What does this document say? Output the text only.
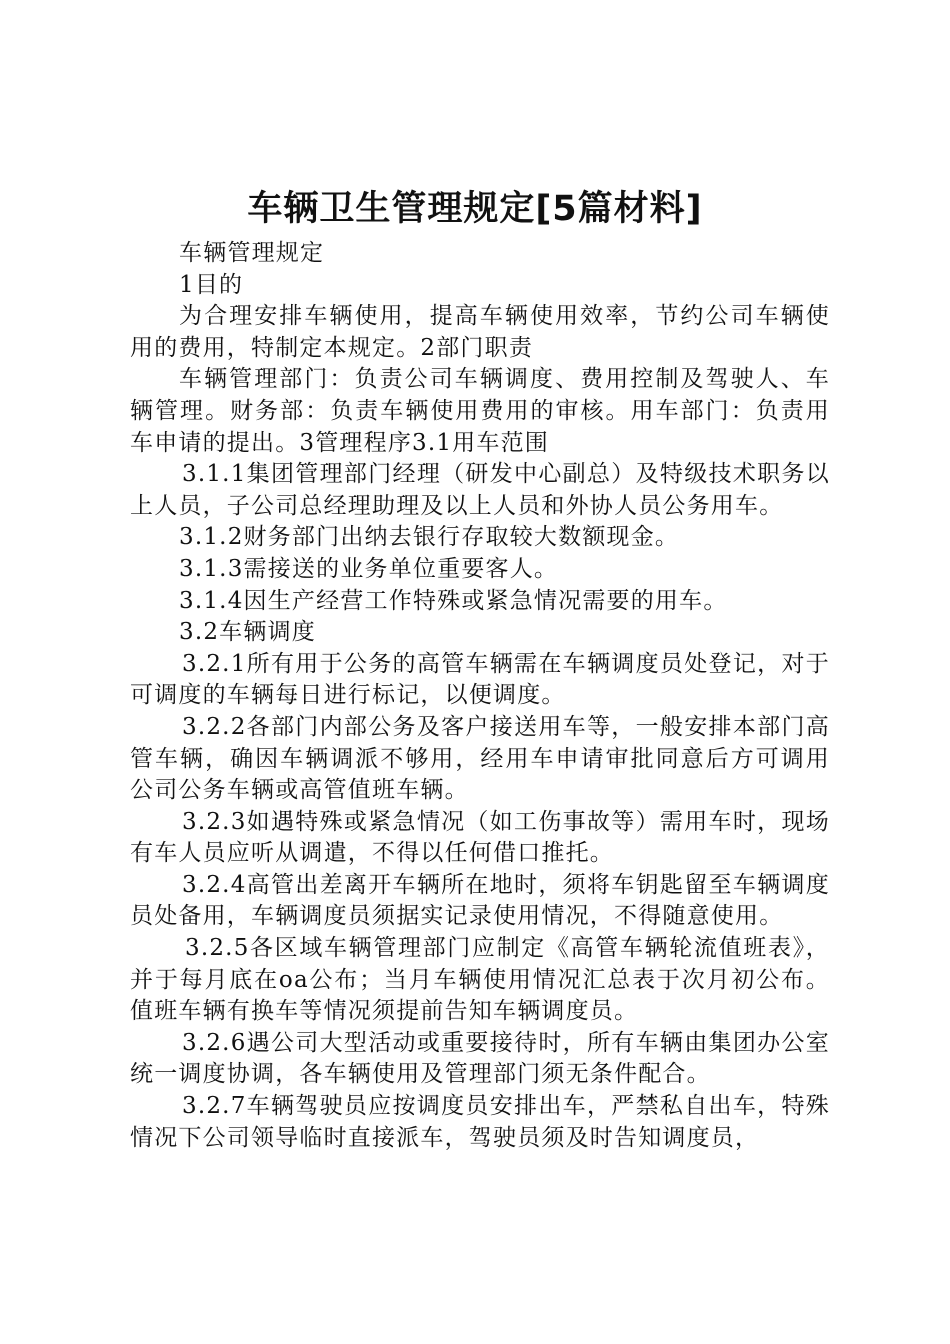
车辆卫生管理规定[5篇材料]

车辆管理规定

1目的

为合理安排车辆使用，提高车辆使用效率，节约公司车辆使用的费用，特制定本规定。2部门职责

车辆管理部门：负责公司车辆调度、费用控制及驾驶人、车辆管理。财务部：负责车辆使用费用的审核。用车部门：负责用车申请的提出。3管理程序3.1用车范围

3.1.1集团管理部门经理（研发中心副总）及特级技术职务以上人员，子公司总经理助理及以上人员和外协人员公务用车。

3.1.2财务部门出纳去银行存取较大数额现金。

3.1.3需接送的业务单位重要客人。

3.1.4因生产经营工作特殊或紧急情况需要的用车。

3.2车辆调度

3.2.1所有用于公务的高管车辆需在车辆调度员处登记，对于可调度的车辆每日进行标记，以便调度。

3.2.2各部门内部公务及客户接送用车等，一般安排本部门高管车辆，确因车辆调派不够用，经用车申请审批同意后方可调用公司公务车辆或高管值班车辆。

3.2.3如遇特殊或紧急情况（如工伤事故等）需用车时，现场有车人员应听从调遣，不得以任何借口推托。

3.2.4高管出差离开车辆所在地时，须将车钥匙留至车辆调度员处备用，车辆调度员须据实记录使用情况，不得随意使用。

3.2.5各区域车辆管理部门应制定《高管车辆轮流值班表》，并于每月底在oa公布；当月车辆使用情况汇总表于次月初公布。值班车辆有换车等情况须提前告知车辆调度员。

3.2.6遇公司大型活动或重要接待时，所有车辆由集团办公室统一调度协调，各车辆使用及管理部门须无条件配合。

3.2.7车辆驾驶员应按调度员安排出车，严禁私自出车，特殊情况下公司领导临时直接派车，驾驶员须及时告知调度员，
